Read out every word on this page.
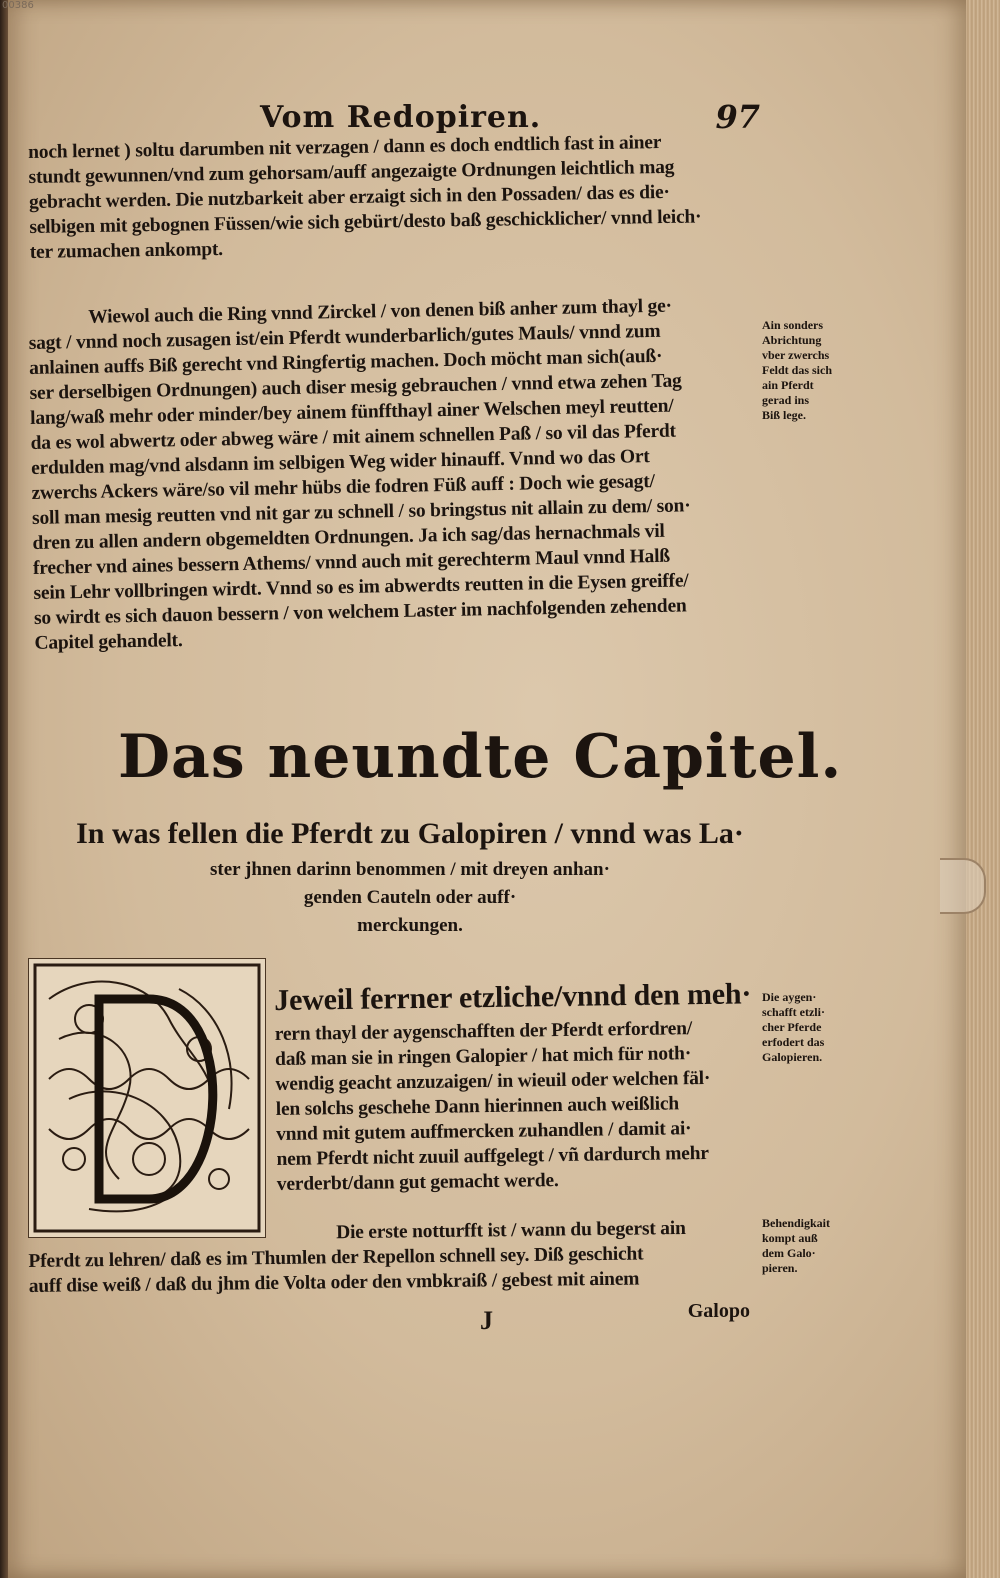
00386
Vom Redopiren.	97
noch lernet ) soltu darumben nit verzagen / dann es doch endtlich fast in ainer
stundt gewunnen/vnd zum gehorsam/auff angezaigte Ordnungen leichtlich mag
gebracht werden. Die nutzbarkeit aber erzaigt sich in den Possaden/ das es die·
selbigen mit gebognen Füssen/wie sich gebürt/desto baß geschicklicher/ vnnd leich·
ter zumachen ankompt.
Wiewol auch die Ring vnnd Zirckel / von denen biß anher zum thayl ge·
sagt / vnnd noch zusagen ist/ein Pferdt wunderbarlich/gutes Mauls/ vnnd zum
anlainen auffs Biß gerecht vnd Ringfertig machen. Doch möcht man sich(auß·
ser derselbigen Ordnungen) auch diser mesig gebrauchen / vnnd etwa zehen Tag
lang/waß mehr oder minder/bey ainem fünffthayl ainer Welschen meyl reutten/
da es wol abwertz oder abweg wäre / mit ainem schnellen Paß / so vil das Pferdt
erdulden mag/vnd alsdann im selbigen Weg wider hinauff. Vnnd wo das Ort
zwerchs Ackers wäre/so vil mehr hübs die fodren Füß auff : Doch wie gesagt/
soll man mesig reutten vnd nit gar zu schnell / so bringstus nit allain zu dem/ son·
dren zu allen andern obgemeldten Ordnungen. Ja ich sag/das hernachmals vil
frecher vnd aines bessern Athems/ vnnd auch mit gerechterm Maul vnnd Halß
sein Lehr vollbringen wirdt. Vnnd so es im abwerdts reutten in die Eysen greiffe/
so wirdt es sich dauon bessern / von welchem Laster im nachfolgenden zehenden
Capitel gehandelt.
Ain sonders
Abrichtung
vber zwerchs
Feldt das sich
ain Pferdt
gerad ins
Biß lege.
Das neundte Capitel.
In was fellen die Pferdt zu Galopiren / vnnd was La·
ster jhnen darinn benommen / mit dreyen anhan·
genden Cauteln oder auff·
merckungen.
Jeweil ferrner etzliche/vnnd den meh·
rern thayl der aygenschafften der Pferdt erfordren/
daß man sie in ringen Galopier / hat mich für noth·
wendig geacht anzuzaigen/ in wieuil oder welchen fäl·
len solchs geschehe Dann hierinnen auch weißlich
vnnd mit gutem auffmercken zuhandlen / damit ai·
nem Pferdt nicht zuuil auffgelegt / vñ dardurch mehr
verderbt/dann gut gemacht werde.
Die aygen·
schafft etzli·
cher Pferde
erfodert das
Galopieren.
Die erste notturfft ist / wann du begerst ain
Pferdt zu lehren/ daß es im Thumlen der Repellon schnell sey. Diß geschicht
auff dise weiß / daß du jhm die Volta oder den vmbkraiß / gebest mit ainem
Behendigkait
kompt auß
dem Galo·
pieren.
J	Galopo
